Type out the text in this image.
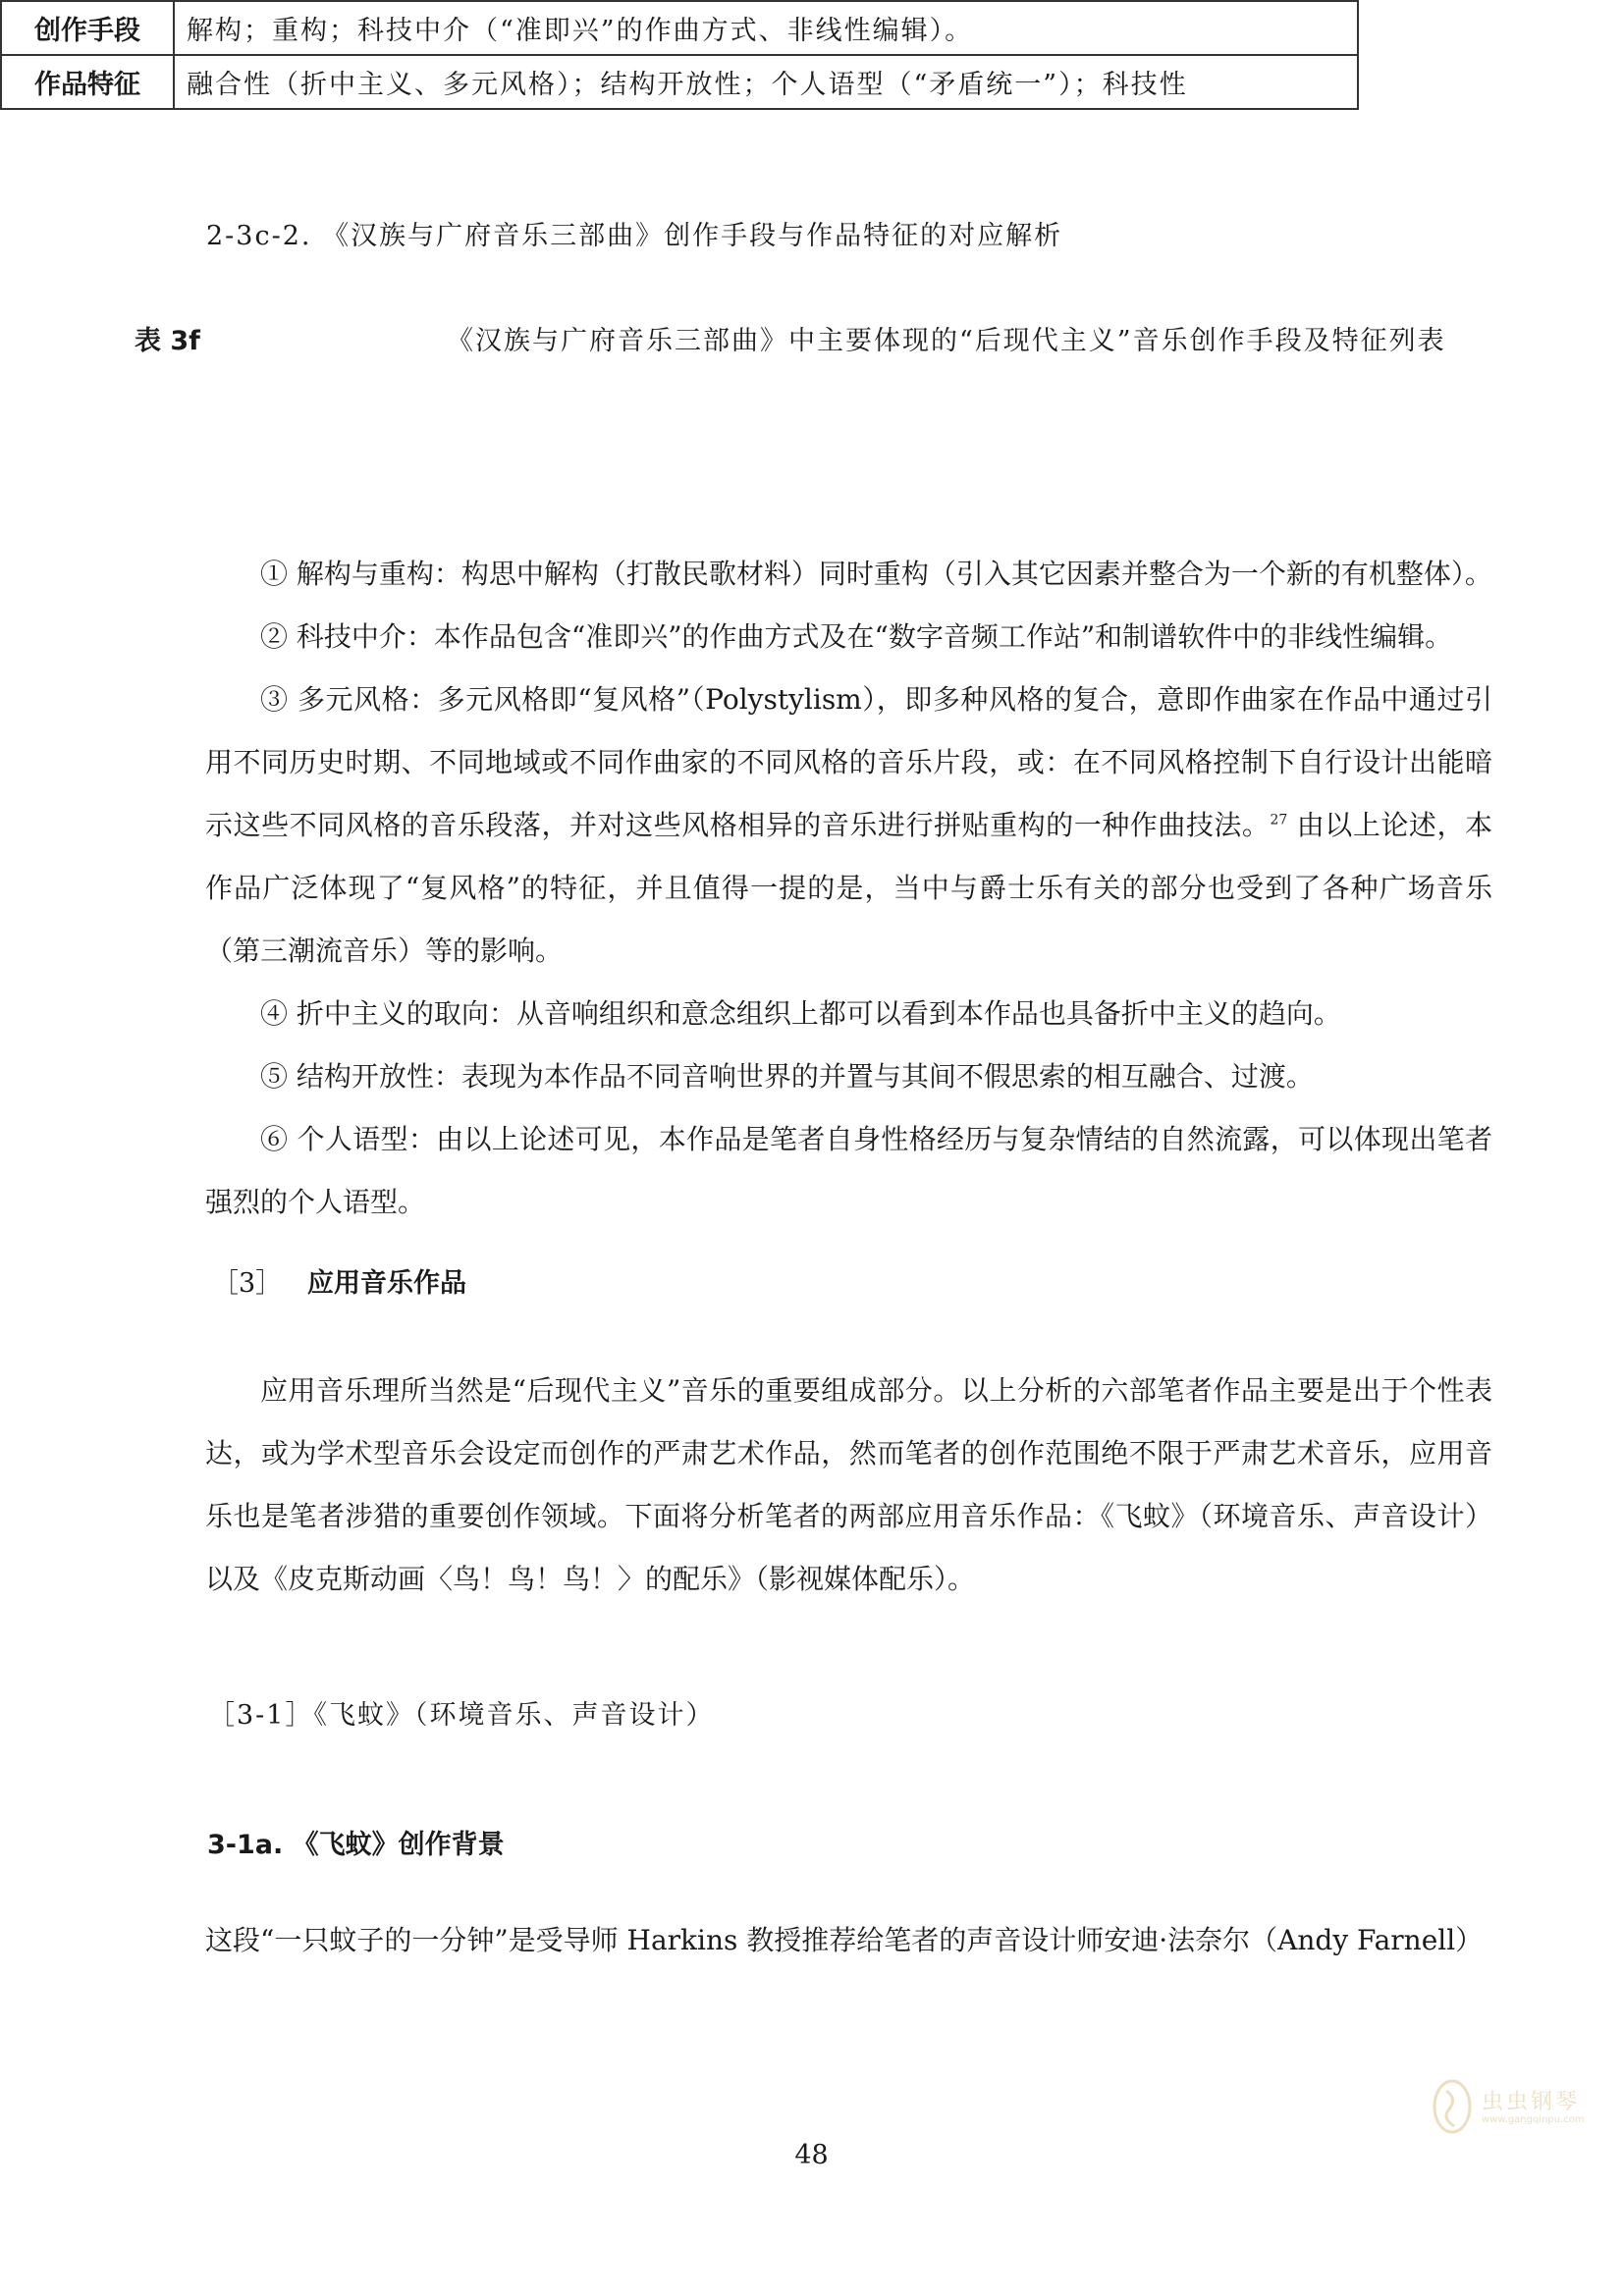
2-3c-2. 《汉族与广府音乐三部曲》创作手段与作品特征的对应解析
表 3f	《汉族与广府音乐三部曲》中主要体现的“后现代主义”音乐创作手段及特征列表
创作手段	解构；重构；科技中介（“准即兴”的作曲方式、非线性编辑）。
作品特征	融合性（折中主义、多元风格）；结构开放性；个人语型（“矛盾统一”）；科技性

① 解构与重构：构思中解构（打散民歌材料）同时重构（引入其它因素并整合为一个新的有机整体）。

② 科技中介：本作品包含“准即兴”的作曲方式及在“数字音频工作站”和制谱软件中的非线性编辑。

③ 多元风格：多元风格即“复风格”（Polystylism），即多种风格的复合，意即作曲家在作品中通过引用不同历史时期、不同地域或不同作曲家的不同风格的音乐片段，或：在不同风格控制下自行设计出能暗示这些不同风格的音乐段落，并对这些风格相异的音乐进行拼贴重构的一种作曲技法。$^{27}$ 由以上论述，本作品广泛体现了“复风格”的特征，并且值得一提的是，当中与爵士乐有关的部分也受到了各种广场音乐（第三潮流音乐）等的影响。

④ 折中主义的取向：从音响组织和意念组织上都可以看到本作品也具备折中主义的趋向。

⑤ 结构开放性：表现为本作品不同音响世界的并置与其间不假思索的相互融合、过渡。

⑥ 个人语型：由以上论述可见，本作品是笔者自身性格经历与复杂情结的自然流露，可以体现出笔者强烈的个人语型。

［3］ 应用音乐作品

应用音乐理所当然是“后现代主义”音乐的重要组成部分。以上分析的六部笔者作品主要是出于个性表达，或为学术型音乐会设定而创作的严肃艺术作品，然而笔者的创作范围绝不限于严肃艺术音乐，应用音乐也是笔者涉猎的重要创作领域。下面将分析笔者的两部应用音乐作品：《飞蚊》（环境音乐、声音设计）以及《皮克斯动画〈鸟！鸟！鸟！〉的配乐》（影视媒体配乐）。

［3-1］《飞蚊》（环境音乐、声音设计）
3-1a. 《飞蚊》创作背景

这段“一只蚊子的一分钟”是受导师 Harkins 教授推荐给笔者的声音设计师安迪·法奈尔（Andy Farnell）

48
虫虫钢琴
www.gangqinpu.com
